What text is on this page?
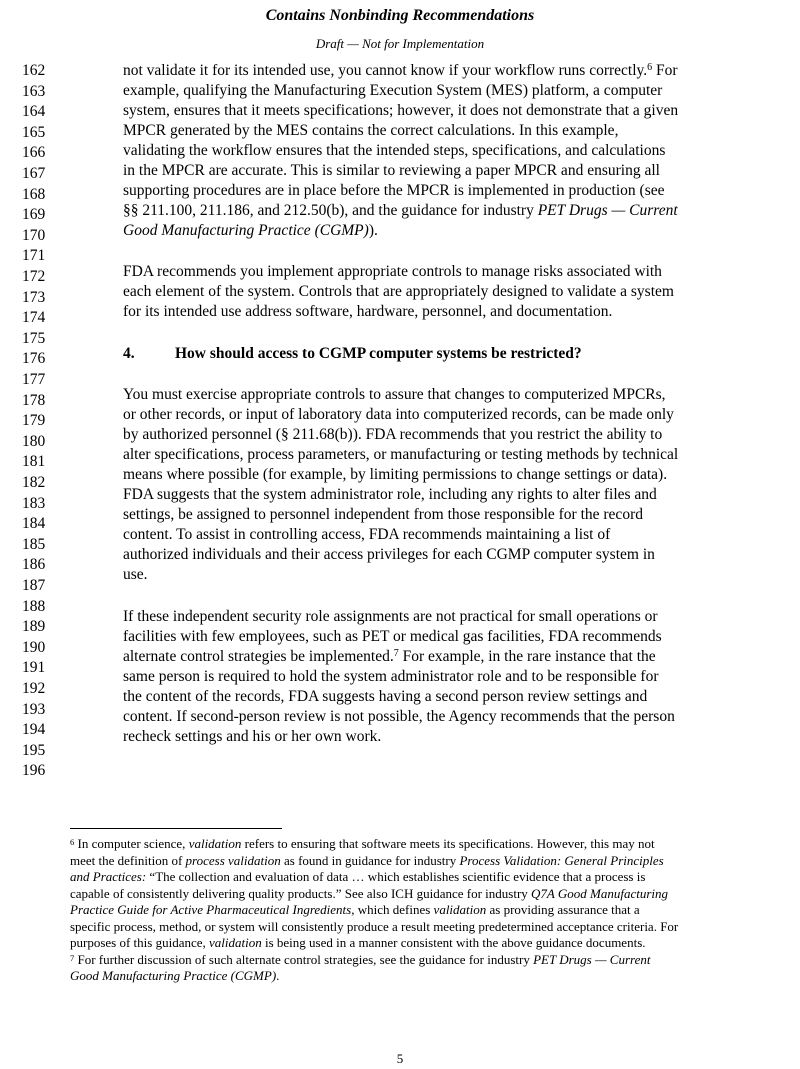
Contains Nonbinding Recommendations
Draft — Not for Implementation
162
163
164
165
166
167
168
169
170
171
172
173
174
175
176
177
178
179
180
181
182
183
184
185
186
187
188
189
190
191
192
193
194
195
196
not validate it for its intended use, you cannot know if your workflow runs correctly.$^6$ For
example, qualifying the Manufacturing Execution System (MES) platform, a computer
system, ensures that it meets specifications; however, it does not demonstrate that a given
MPCR generated by the MES contains the correct calculations. In this example,
validating the workflow ensures that the intended steps, specifications, and calculations
in the MPCR are accurate. This is similar to reviewing a paper MPCR and ensuring all
supporting procedures are in place before the MPCR is implemented in production (see
§§ 211.100, 211.186, and 212.50(b), and the guidance for industry PET Drugs — Current
Good Manufacturing Practice (CGMP)).
FDA recommends you implement appropriate controls to manage risks associated with
each element of the system. Controls that are appropriately designed to validate a system
for its intended use address software, hardware, personnel, and documentation.
4.	How should access to CGMP computer systems be restricted?
You must exercise appropriate controls to assure that changes to computerized MPCRs,
or other records, or input of laboratory data into computerized records, can be made only
by authorized personnel (§ 211.68(b)). FDA recommends that you restrict the ability to
alter specifications, process parameters, or manufacturing or testing methods by technical
means where possible (for example, by limiting permissions to change settings or data).
FDA suggests that the system administrator role, including any rights to alter files and
settings, be assigned to personnel independent from those responsible for the record
content. To assist in controlling access, FDA recommends maintaining a list of
authorized individuals and their access privileges for each CGMP computer system in
use.
If these independent security role assignments are not practical for small operations or
facilities with few employees, such as PET or medical gas facilities, FDA recommends
alternate control strategies be implemented.$^7$ For example, in the rare instance that the
same person is required to hold the system administrator role and to be responsible for
the content of the records, FDA suggests having a second person review settings and
content. If second-person review is not possible, the Agency recommends that the person
recheck settings and his or her own work.
$^6$ In computer science, validation refers to ensuring that software meets its specifications. However, this may not
meet the definition of process validation as found in guidance for industry Process Validation: General Principles
and Practices: “The collection and evaluation of data … which establishes scientific evidence that a process is
capable of consistently delivering quality products.” See also ICH guidance for industry Q7A Good Manufacturing
Practice Guide for Active Pharmaceutical Ingredients, which defines validation as providing assurance that a
specific process, method, or system will consistently produce a result meeting predetermined acceptance criteria. For
purposes of this guidance, validation is being used in a manner consistent with the above guidance documents.
$^7$ For further discussion of such alternate control strategies, see the guidance for industry PET Drugs — Current
Good Manufacturing Practice (CGMP).
5
